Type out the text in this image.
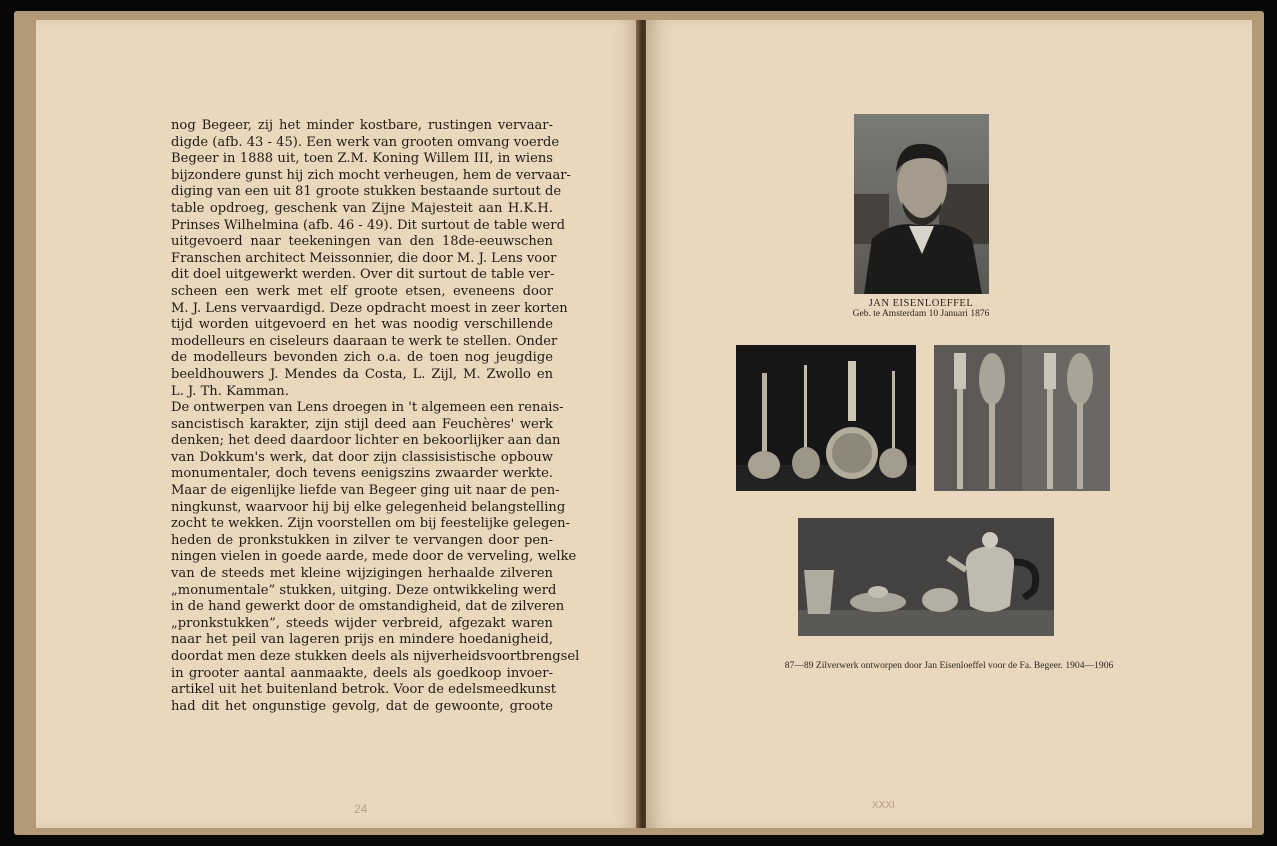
nog Begeer, zij het minder kostbare, rustingen vervaar-
digde (afb. 43 - 45). Een werk van grooten omvang voerde
Begeer in 1888 uit, toen Z.M. Koning Willem III, in wiens
bijzondere gunst hij zich mocht verheugen, hem de vervaar-
diging van een uit 81 groote stukken bestaande surtout de
table opdroeg, geschenk van Zijne Majesteit aan H.K.H.
Prinses Wilhelmina (afb. 46 - 49). Dit surtout de table werd
uitgevoerd naar teekeningen van den 18de-eeuwschen
Franschen architect Meissonnier, die door M. J. Lens voor
dit doel uitgewerkt werden. Over dit surtout de table ver-
scheen een werk met elf groote etsen, eveneens door
M. J. Lens vervaardigd. Deze opdracht moest in zeer korten
tijd worden uitgevoerd en het was noodig verschillende
modelleurs en ciseleurs daaraan te werk te stellen. Onder
de modelleurs bevonden zich o.a. de toen nog jeugdige
beeldhouwers J. Mendes da Costa, L. Zijl, M. Zwollo en
L. J. Th. Kamman.
De ontwerpen van Lens droegen in 't algemeen een renais-
sancistisch karakter, zijn stijl deed aan Feuchères' werk
denken; het deed daardoor lichter en bekoorlijker aan dan
van Dokkum's werk, dat door zijn classisistische opbouw
monumentaler, doch tevens eenigszins zwaarder werkte.
Maar de eigenlijke liefde van Begeer ging uit naar de pen-
ningkunst, waarvoor hij bij elke gelegenheid belangstelling
zocht te wekken. Zijn voorstellen om bij feestelijke gelegen-
heden de pronkstukken in zilver te vervangen door pen-
ningen vielen in goede aarde, mede door de verveling, welke
van de steeds met kleine wijzigingen herhaalde zilveren
„monumentale” stukken, uitging. Deze ontwikkeling werd
in de hand gewerkt door de omstandigheid, dat de zilveren
„pronkstukken”, steeds wijder verbreid, afgezakt waren
naar het peil van lageren prijs en mindere hoedanigheid,
doordat men deze stukken deels als nijverheidsvoortbrengsel
in grooter aantal aanmaakte, deels als goedkoop invoer-
artikel uit het buitenland betrok. Voor de edelsmeedkunst
had dit het ongunstige gevolg, dat de gewoonte, groote
24
JAN EISENLOEFFEL
Geb. te Amsterdam 10 Januari 1876
87—89 Zilverwerk ontworpen door Jan Eisenloeffel voor de Fa. Begeer. 1904—1906
XXXI
